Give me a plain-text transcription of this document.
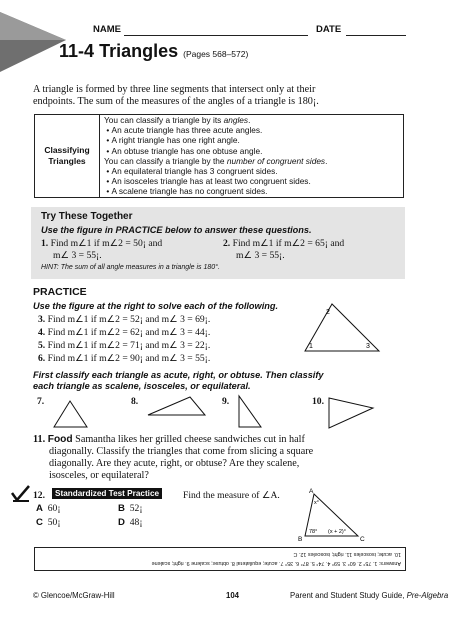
NAME	DATE
11-4 Triangles (Pages 568–572)
A triangle is formed by three line segments that intersect only at their
endpoints. The sum of the measures of the angles of a triangle is 180¡.
Classifying
Triangles
You can classify a triangle by its angles.
• An acute triangle has three acute angles.
• A right triangle has one right angle.
• An obtuse triangle has one obtuse angle.
You can classify a triangle by the number of congruent sides.
• An equilateral triangle has 3 congruent sides.
• An isosceles triangle has at least two congruent sides.
• A scalene triangle has no congruent sides.
Try These Together
Use the figure in PRACTICE below to answer these questions.
1. Find m∠1 if m∠2 = 50¡ and
m∠ 3 = 55¡.
2. Find m∠1 if m∠2 = 65¡ and
m∠ 3 = 55¡.
HINT: The sum of all angle measures in a triangle is 180°.
PRACTICE
Use the figure at the right to solve each of the following.
3. Find m∠1 if m∠2 = 52¡ and m∠ 3 = 69¡.
4. Find m∠1 if m∠2 = 62¡ and m∠ 3 = 44¡.
5. Find m∠1 if m∠2 = 71¡ and m∠ 3 = 22¡.
6. Find m∠1 if m∠2 = 90¡ and m∠ 3 = 55¡.
2
1	3
First classify each triangle as acute, right, or obtuse. Then classify
each triangle as scalene, isosceles, or equilateral.
7.	8.	9.	10.
11. Food Samantha likes her grilled cheese sandwiches cut in half
diagonally. Classify the triangles that come from slicing a square
diagonally. Are they acute, right, or obtuse? Are they scalene,
isosceles, or equilateral?
12.	Standardized Test Practice	Find the measure of ∠A.
A 60¡	B 52¡
C 50¡	D 48¡
A
x°
B	C
78° (x + 2)°
Answers: 1. 75° 2. 60° 3. 59° 4. 74° 5. 87° 6. 35° 7. acute; equilateral 8. obtuse; scalene 9. right; scalene
10. acute; isosceles 11. right; isosceles 12. C
© Glencoe/McGraw-Hill	104	Parent and Student Study Guide, Pre-Algebra
